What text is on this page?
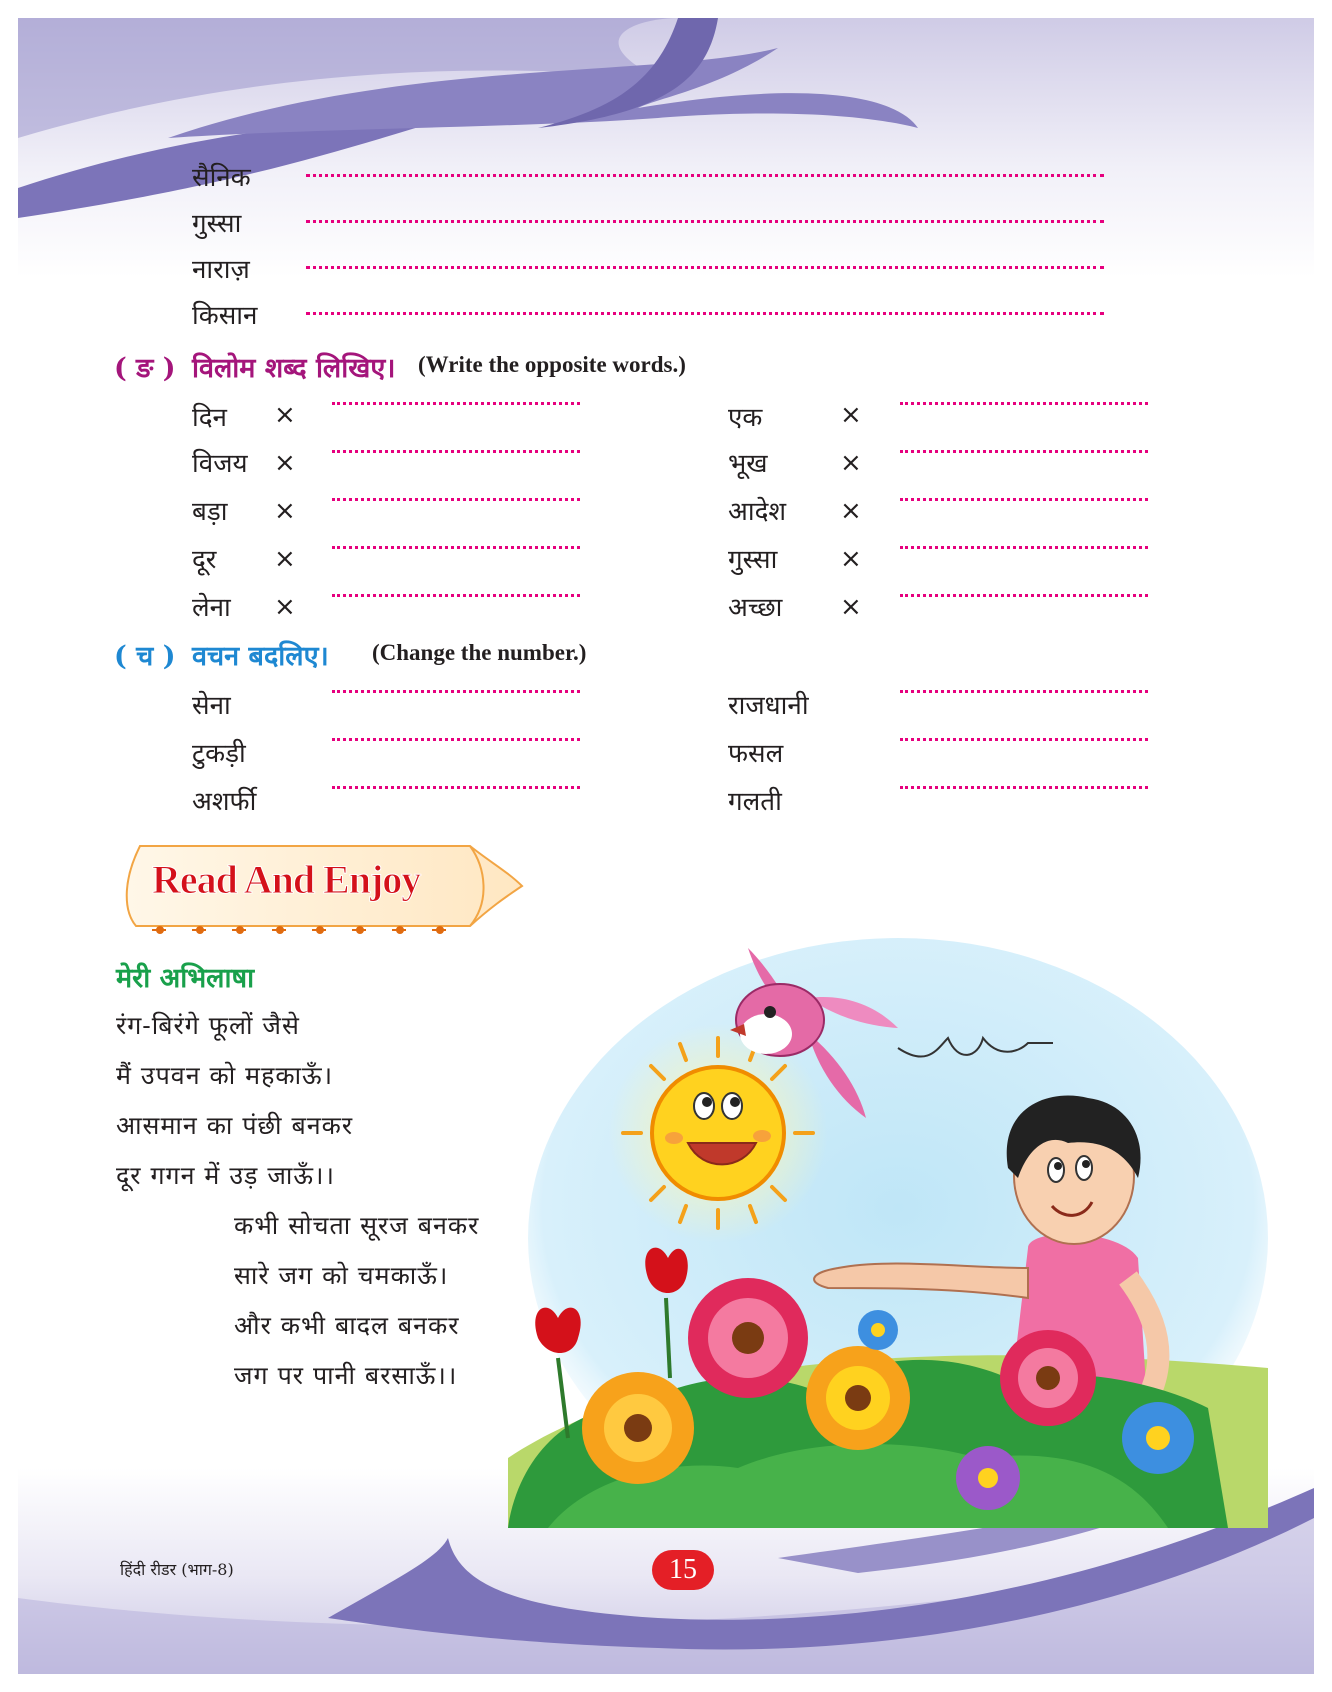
सैनिक
गुस्सा
नाराज़
किसान
( ङ ) विलोम शब्द लिखिए। (Write the opposite words.)
दिन ×
विजय ×
बड़ा ×
दूर ×
लेना ×
एक	×
भूख	×
आदेश ×
गुस्सा ×
अच्छा ×
( च ) वचन बदलिए। (Change the number.)
सेना
टुकड़ी
अशर्फी
राजधानी
फसल
गलती
Read And Enjoy
मेरी अभिलाषा
रंग-बिरंगे फूलों जैसे
मैं उपवन को महकाऊँ।
आसमान का पंछी बनकर
दूर गगन में उड़ जाऊँ।।
कभी सोचता सूरज बनकर
सारे जग को चमकाऊँ।
और कभी बादल बनकर
जग पर पानी बरसाऊँ।।
हिंदी रीडर (भाग-8)	15
